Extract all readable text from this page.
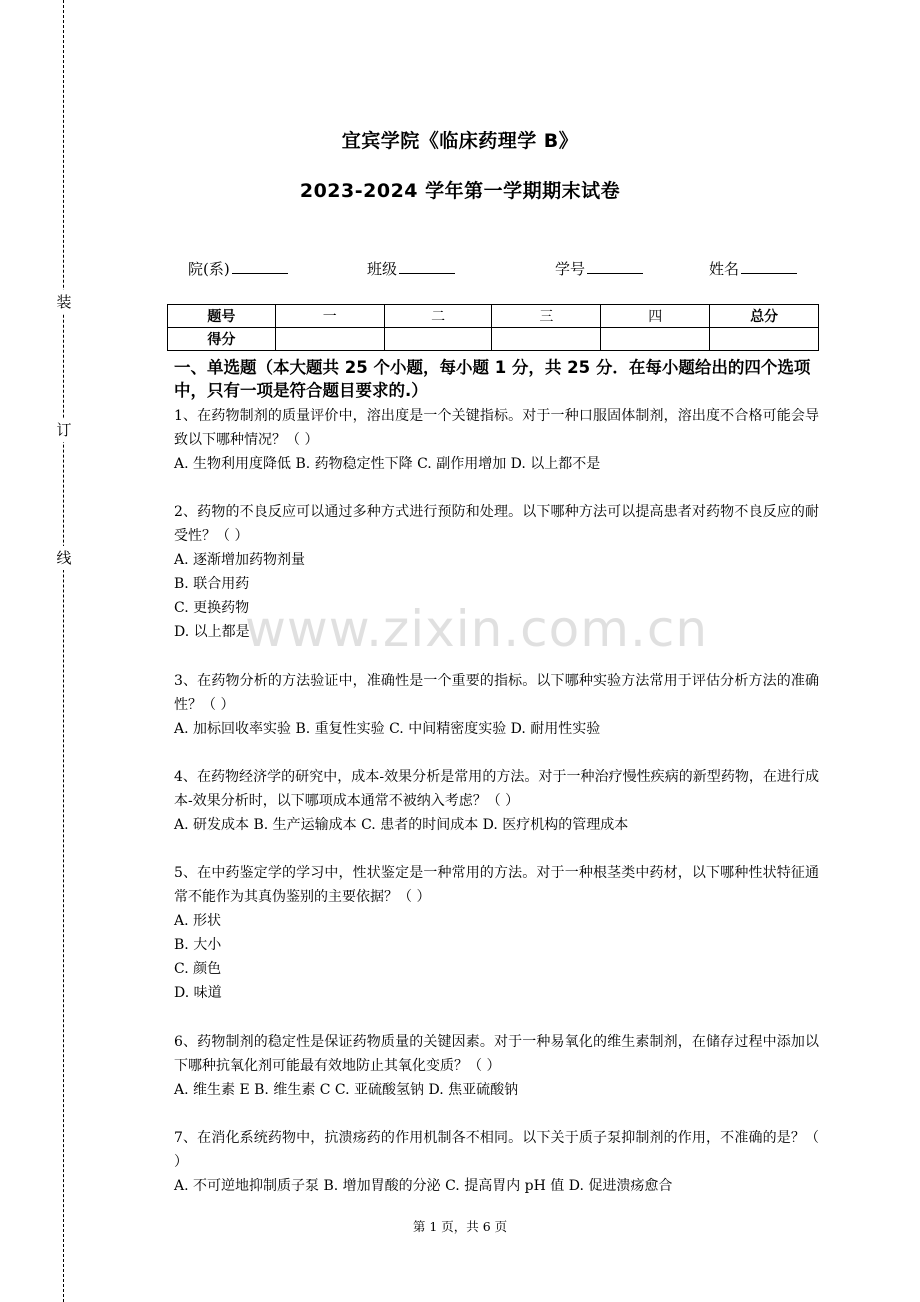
装
订
线
宜宾学院《临床药理学 B》
2023-2024 学年第一学期期末试卷
院(系)	班级	学号	姓名
题号	一	二	三	四	总分
得分					
一、单选题（本大题共 25 个小题，每小题 1 分，共 25 分．在每小题给出的四个选项中，只有一项是符合题目要求的.）
1、在药物制剂的质量评价中，溶出度是一个关键指标。对于一种口服固体制剂，溶出度不合格可能会导致以下哪种情况？（ ）
A. 生物利用度降低 B. 药物稳定性下降 C. 副作用增加 D. 以上都不是
2、药物的不良反应可以通过多种方式进行预防和处理。以下哪种方法可以提高患者对药物不良反应的耐受性？（ ）
A. 逐渐增加药物剂量
B. 联合用药
C. 更换药物
D. 以上都是
3、在药物分析的方法验证中，准确性是一个重要的指标。以下哪种实验方法常用于评估分析方法的准确性？（ ）
A. 加标回收率实验 B. 重复性实验 C. 中间精密度实验 D. 耐用性实验
4、在药物经济学的研究中，成本-效果分析是常用的方法。对于一种治疗慢性疾病的新型药物，在进行成本-效果分析时，以下哪项成本通常不被纳入考虑？（ ）
A. 研发成本 B. 生产运输成本 C. 患者的时间成本 D. 医疗机构的管理成本
5、在中药鉴定学的学习中，性状鉴定是一种常用的方法。对于一种根茎类中药材，以下哪种性状特征通常不能作为其真伪鉴别的主要依据？（ ）
A. 形状
B. 大小
C. 颜色
D. 味道
6、药物制剂的稳定性是保证药物质量的关键因素。对于一种易氧化的维生素制剂，在储存过程中添加以下哪种抗氧化剂可能最有效地防止其氧化变质？（ ）
A. 维生素 E B. 维生素 C C. 亚硫酸氢钠 D. 焦亚硫酸钠
7、在消化系统药物中，抗溃疡药的作用机制各不相同。以下关于质子泵抑制剂的作用，不准确的是？（ ）
A. 不可逆地抑制质子泵 B. 增加胃酸的分泌 C. 提高胃内 pH 值 D. 促进溃疡愈合
www.zixin.com.cn
第 1 页，共 6 页
